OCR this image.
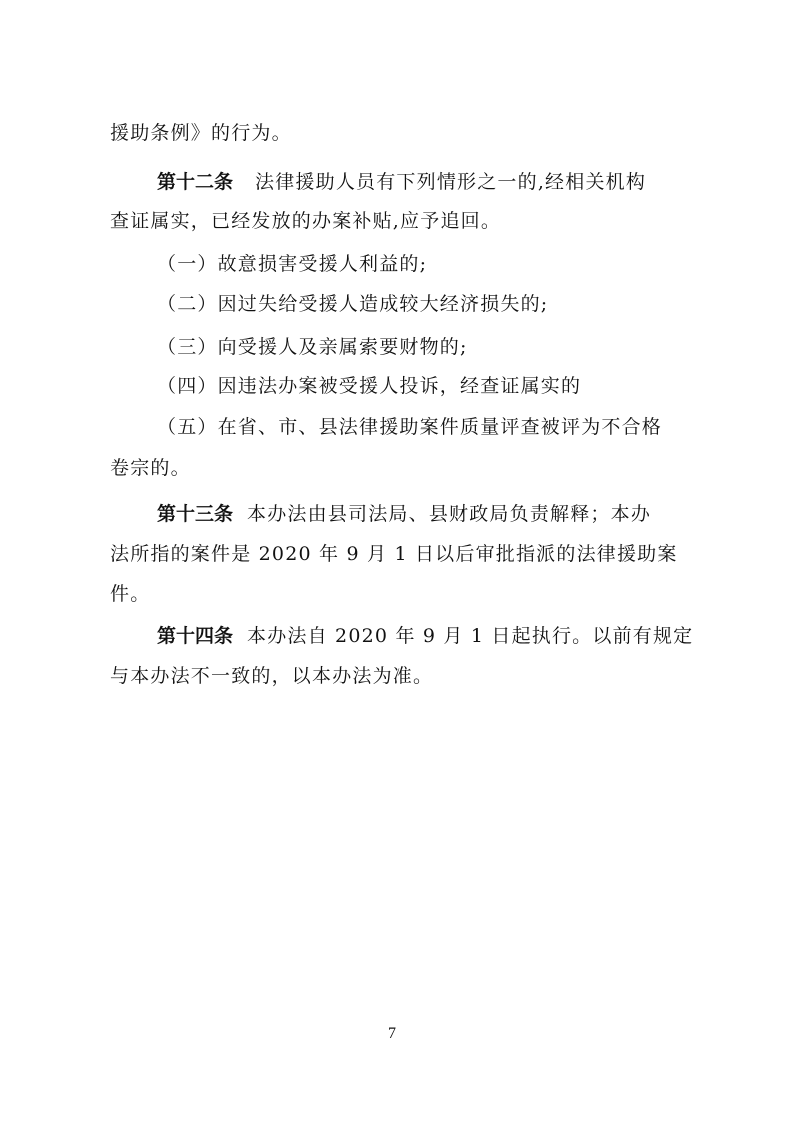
援助条例》的行为。
第十二条 法律援助人员有下列情形之一的,经相关机构
查证属实，已经发放的办案补贴,应予追回。
（一）故意损害受援人利益的;
（二）因过失给受援人造成较大经济损失的;
（三）向受援人及亲属索要财物的;
（四）因违法办案被受援人投诉，经查证属实的
（五）在省、市、县法律援助案件质量评查被评为不合格
卷宗的。
第十三条 本办法由县司法局、县财政局负责解释；本办
法所指的案件是 2020 年 9 月 1 日以后审批指派的法律援助案
件。
第十四条 本办法自 2020 年 9 月 1 日起执行。以前有规定
与本办法不一致的，以本办法为准。
7
